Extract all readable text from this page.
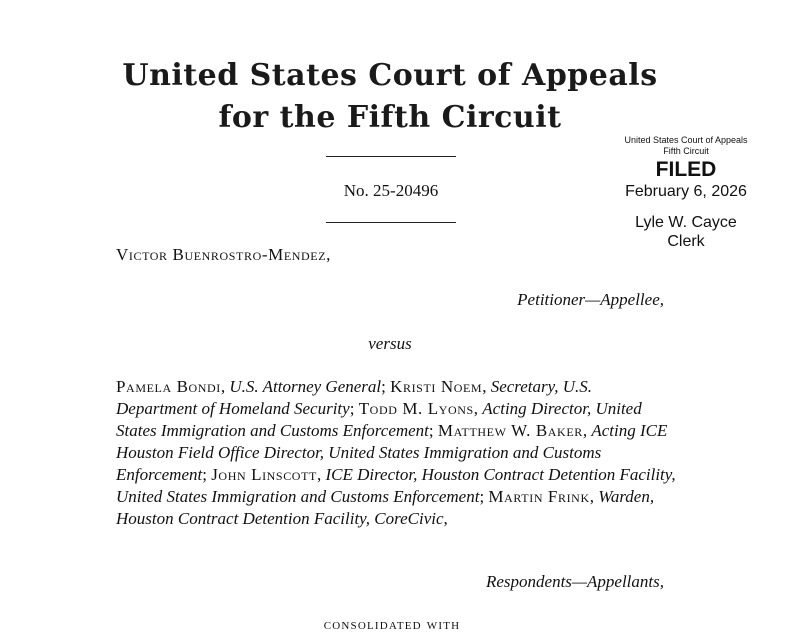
United States Court of Appeals
for the Fifth Circuit
No. 25-20496
United States Court of Appeals
Fifth Circuit
FILED
February 6, 2026
Lyle W. Cayce
Clerk
Victor Buenrostro-Mendez,
Petitioner—Appellee,
versus
Pamela Bondi, U.S. Attorney General; Kristi Noem, Secretary, U.S. Department of Homeland Security; Todd M. Lyons, Acting Director, United States Immigration and Customs Enforcement; Matthew W. Baker, Acting ICE Houston Field Office Director, United States Immigration and Customs Enforcement; John Linscott, ICE Director, Houston Contract Detention Facility, United States Immigration and Customs Enforcement; Martin Frink, Warden, Houston Contract Detention Facility, CoreCivic,
Respondents—Appellants,
consolidated with
